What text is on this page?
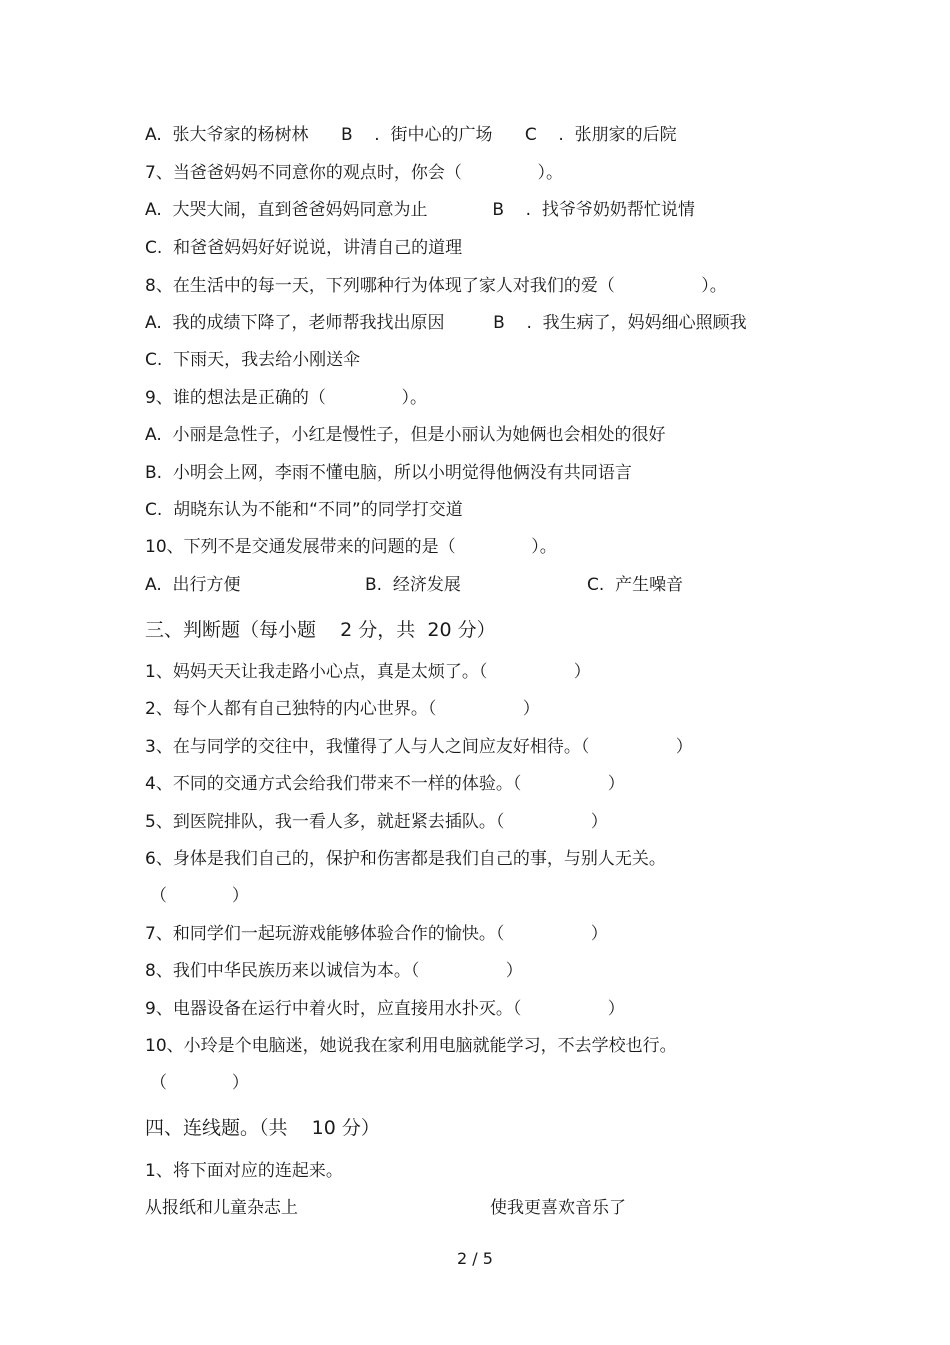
A.  张大爷家的杨树林      B    .  街中心的广场      C    .  张朋家的后院
7、当爸爸妈妈不同意你的观点时，你会（              ）。
A.  大哭大闹，直到爸爸妈妈同意为止            B    .  找爷爷奶奶帮忙说情
C.  和爸爸妈妈好好说说，讲清自己的道理
8、在生活中的每一天，下列哪种行为体现了家人对我们的爱（                ）。
A.  我的成绩下降了，老师帮我找出原因         B    .  我生病了，妈妈细心照顾我
C.  下雨天，我去给小刚送伞
9、谁的想法是正确的（              ）。
A.  小丽是急性子，小红是慢性子，但是小丽认为她俩也会相处的很好
B.  小明会上网，李雨不懂电脑，所以小明觉得他俩没有共同语言
C.  胡晓东认为不能和“不同”的同学打交道
10、下列不是交通发展带来的问题的是（              ）。
A.  出行方便	B.  经济发展	C.  产生噪音
三、判断题（每小题    2 分，共  20 分）
1、妈妈天天让我走路小心点，真是太烦了。（                ）
2、每个人都有自己独特的内心世界。（                ）
3、在与同学的交往中，我懂得了人与人之间应友好相待。（                ）
4、不同的交通方式会给我们带来不一样的体验。（                ）
5、到医院排队，我一看人多，就赶紧去插队。（                ）
6、身体是我们自己的，保护和伤害都是我们自己的事，与别人无关。
（            ）
7、和同学们一起玩游戏能够体验合作的愉快。（                ）
8、我们中华民族历来以诚信为本。（                ）
9、电器设备在运行中着火时，应直接用水扑灭。（                ）
10、小玲是个电脑迷，她说我在家利用电脑就能学习，不去学校也行。
（            ）
四、连线题。（共    10 分）
1、将下面对应的连起来。
从报纸和儿童杂志上	使我更喜欢音乐了
2 / 5
